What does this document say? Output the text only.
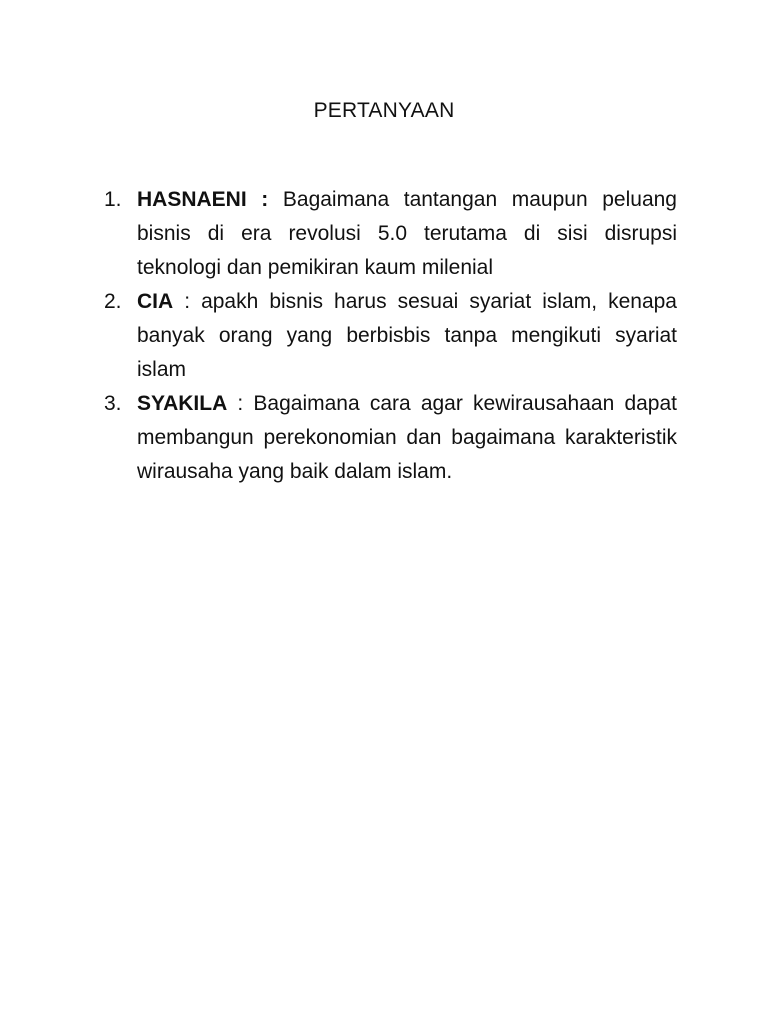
PERTANYAAN
1. HASNAENI : Bagaimana tantangan maupun peluang bisnis di era revolusi 5.0 terutama di sisi disrupsi teknologi dan pemikiran kaum milenial
2. CIA : apakh bisnis harus sesuai syariat islam, kenapa banyak orang yang berbisbis tanpa mengikuti syariat islam
3. SYAKILA : Bagaimana cara agar kewirausahaan dapat membangun perekonomian dan bagaimana karakteristik wirausaha yang baik dalam islam.
